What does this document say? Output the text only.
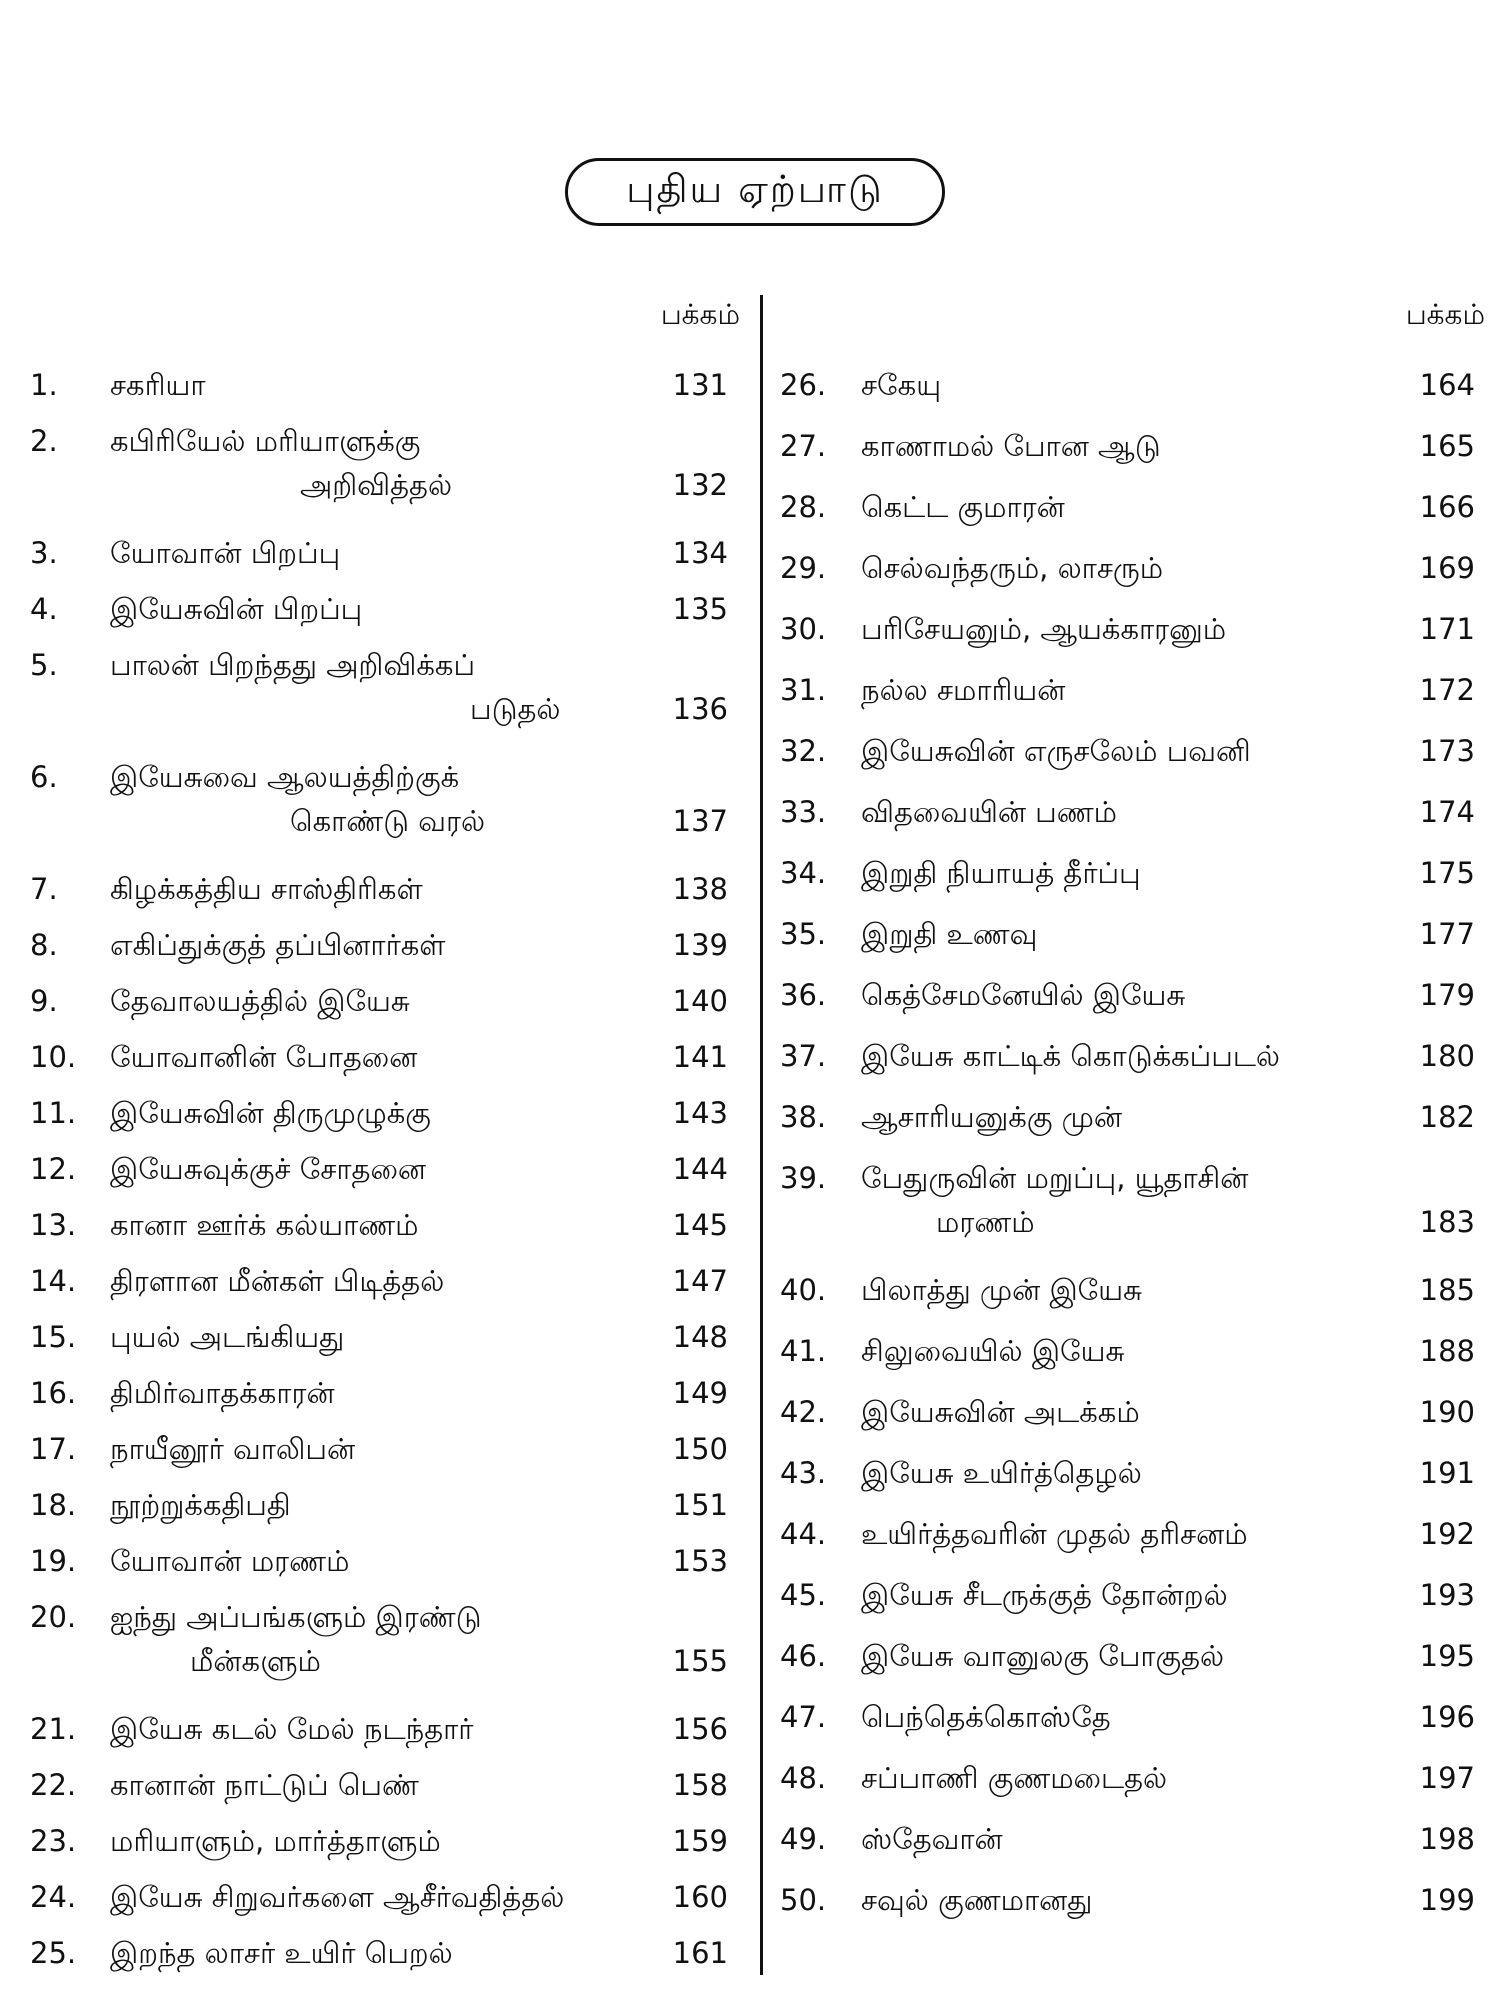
புதிய ஏற்பாடு
பக்கம்
1. சகரியா	131
2. கபிரியேல் மரியாளுக்கு
அறிவித்தல்	132
3. யோவான் பிறப்பு	134
4. இயேசுவின் பிறப்பு	135
5. பாலன் பிறந்தது அறிவிக்கப்
படுதல்	136
6. இயேசுவை ஆலயத்திற்குக்
கொண்டு வரல்	137
7. கிழக்கத்திய சாஸ்திரிகள்	138
8. எகிப்துக்குத் தப்பினார்கள்	139
9. தேவாலயத்தில் இயேசு	140
10. யோவானின் போதனை	141
11. இயேசுவின் திருமுழுக்கு	143
12. இயேசுவுக்குச் சோதனை	144
13. கானா ஊர்க் கல்யாணம்	145
14. திரளான மீன்கள் பிடித்தல்	147
15. புயல் அடங்கியது	148
16. திமிர்வாதக்காரன்	149
17. நாயீனூர் வாலிபன்	150
18. நூற்றுக்கதிபதி	151
19. யோவான் மரணம்	153
20. ஐந்து அப்பங்களும் இரண்டு
மீன்களும்	155
21. இயேசு கடல் மேல் நடந்தார்	156
22. கானான் நாட்டுப் பெண்	158
23. மரியாளும், மார்த்தாளும்	159
24. இயேசு சிறுவர்களை ஆசீர்வதித்தல்	160
25. இறந்த லாசர் உயிர் பெறல்	161
பக்கம்
26. சகேயு	164
27. காணாமல் போன ஆடு	165
28. கெட்ட குமாரன்	166
29. செல்வந்தரும், லாசரும்	169
30. பரிசேயனும், ஆயக்காரனும்	171
31. நல்ல சமாரியன்	172
32. இயேசுவின் எருசலேம் பவனி	173
33. விதவையின் பணம்	174
34. இறுதி நியாயத் தீர்ப்பு	175
35. இறுதி உணவு	177
36. கெத்சேமனேயில் இயேசு	179
37. இயேசு காட்டிக் கொடுக்கப்படல்	180
38. ஆசாரியனுக்கு முன்	182
39. பேதுருவின் மறுப்பு, யூதாசின்
மரணம்	183
40. பிலாத்து முன் இயேசு	185
41. சிலுவையில் இயேசு	188
42. இயேசுவின் அடக்கம்	190
43. இயேசு உயிர்த்தெழல்	191
44. உயிர்த்தவரின் முதல் தரிசனம்	192
45. இயேசு சீடருக்குத் தோன்றல்	193
46. இயேசு வானுலகு போகுதல்	195
47. பெந்தெக்கொஸ்தே	196
48. சப்பாணி குணமடைதல்	197
49. ஸ்தேவான்	198
50. சவுல் குணமானது	199
